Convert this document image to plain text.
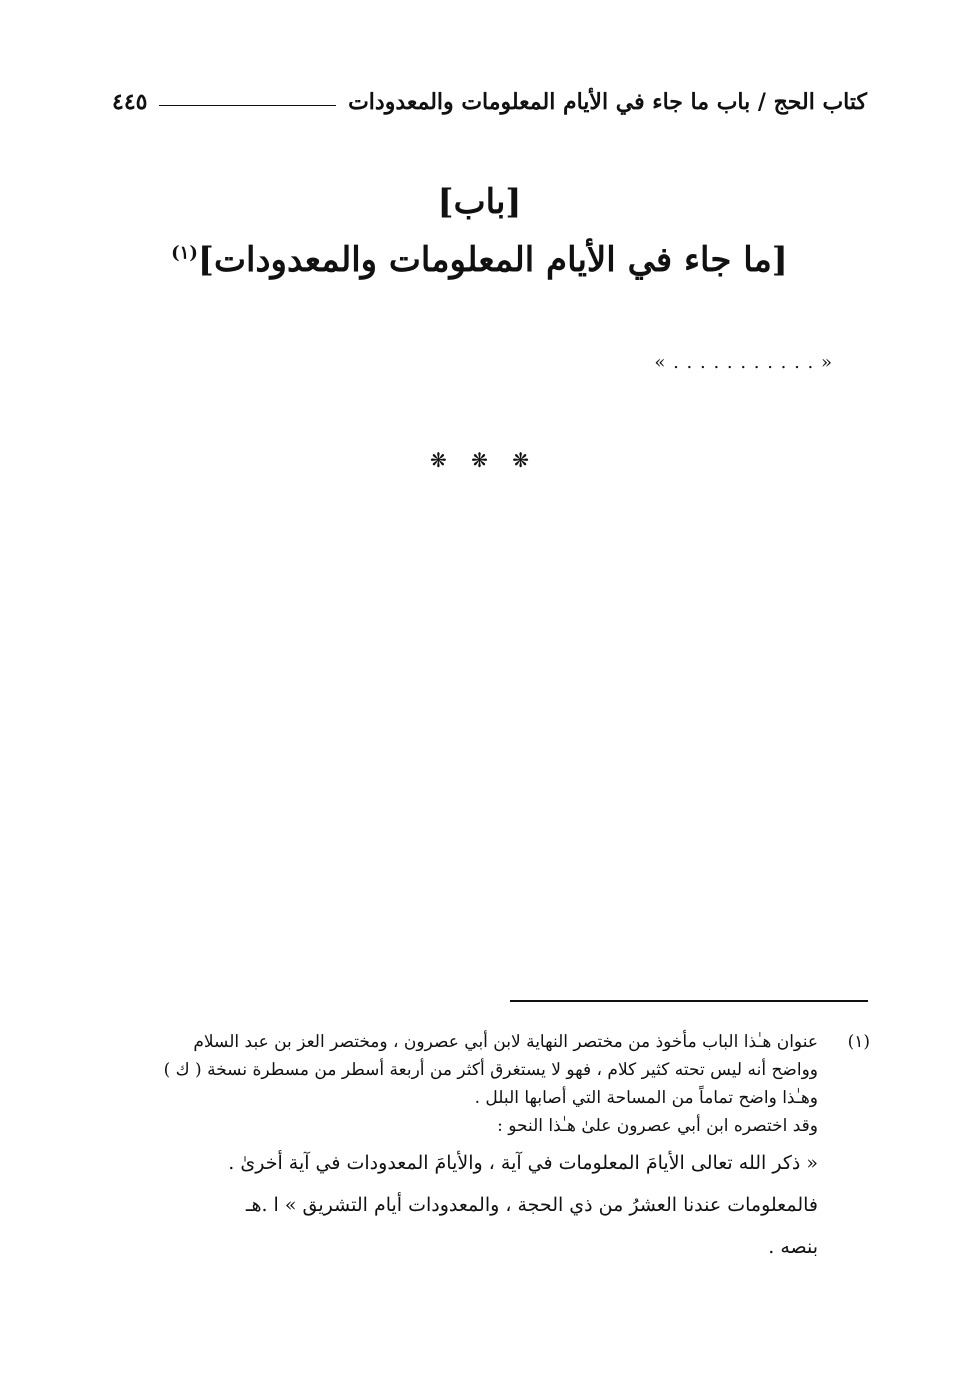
كتاب الحج / باب ما جاء في الأيام المعلومات والمعدودات
٤٤٥
[باب]
[ما جاء في الأيام المعلومات والمعدودات]$^{(١)}$
« . . . . . . . . . . . »
❋ ❋ ❋
(١)
عنوان هـٰذا الباب مأخوذ من مختصر النهاية لابن أبي عصرون ، ومختصر العز بن عبد السلام
وواضح أنه ليس تحته كثير كلام ، فهو لا يستغرق أكثر من أربعة أسطر من مسطرة نسخة ( ك )
وهـٰذا واضح تماماً من المساحة التي أصابها البلل .
وقد اختصره ابن أبي عصرون علىٰ هـٰذا النحو :
« ذكر الله تعالى الأيامَ المعلومات في آية ، والأيامَ المعدودات في آية أخرىٰ .
فالمعلومات عندنا العشرُ من ذي الحجة ، والمعدودات أيام التشريق » ا .هـ
بنصه .
